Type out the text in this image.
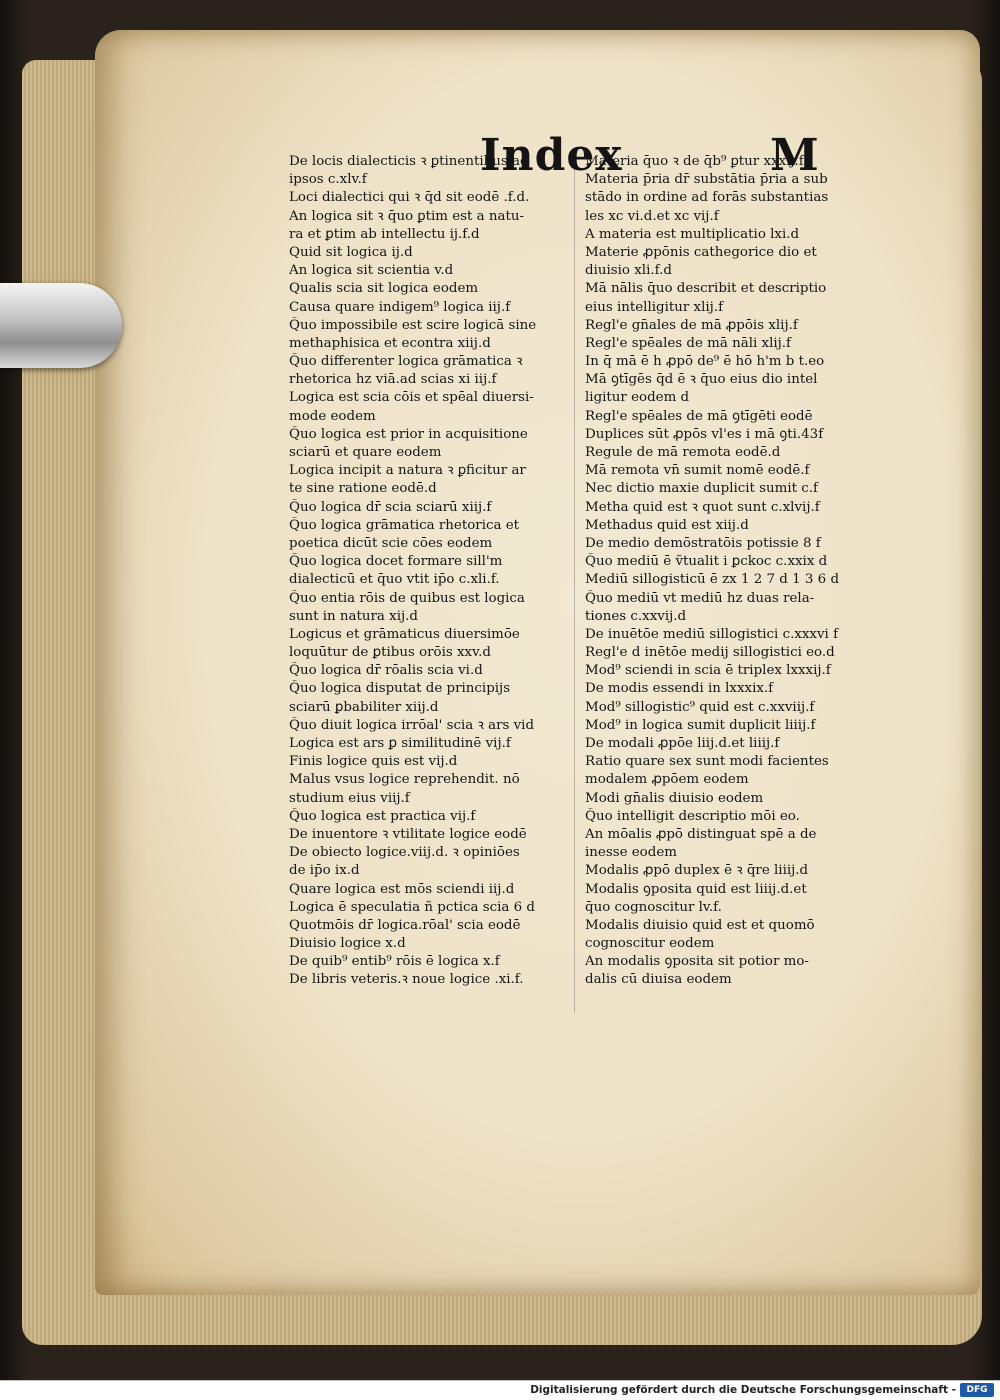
Index	M
De locis dialecticis ꝛ ꝑtinentibus ad
ipsos c.xlv.f
Loci dialectici qui ꝛ q̄d sit̄ eodē .f.d.
An logica sit ꝛ q̄uo ꝑtim est a natu-
ra et ꝑtim ab intellectu ij.f.d
Quid sit logica ij.d
An logica sit scientia v.d
Qualis scia sit logica eodem
Causa quare indigem⁹ logica iij.f
Q̄uo impossibile est scire logicā sine
methaphisica et econtra xiij.d
Q̄uo differenter logica grāmatica ꝛ
rhetorica h̄z viā.ad scias xi iij.f
Logica est scia cōis et spēal̄ diuersi-
mode eodem
Q̄uo logica est prior in acquisitione
sciarū et quare eodem
Logica incipit a natura ꝛ ꝑficitur ar
te sine ratione eodē.d
Q̄uo logica dr̄ scia sciarū xiij.f
Q̄uo logica grāmatica rhetorica et
poetica dicūt̄ scie cōes eodem
Q̄uo logica docet formare sill'm
dialecticū et q̄uo vtit̄ ip̄o c.xli.f.
Q̄uo entia rōis de quibus est logica
sunt in natura xij.d
Logicus et grāmaticus diuersimōe
loquūtur de ꝑtibus orōis xxv.d
Q̄uo logica dr̄ rōalis scia vi.d
Q̄uo logica disputat de principijs
sciarū ꝑbabiliter xiij.d
Q̄uo diuit̄ logica irrōal' scia ꝛ ars vid
Logica est ars ꝑ similitudinē vij.f
Finis logice quis est vij.d
Malus vsus logice reprehendit̄. nō
studium eius viij.f
Q̄uo logica est practica vij.f
De inuentore ꝛ vtilitate logice eodē
De obiecto logice.viij.d. ꝛ opiniōes
de ip̄o ix.d
Quare logica est mōs sciendi iij.d
Logica ē speculatia ñ pctica scia 6 d
Quotmōis dr̄ logica.rōal' scia eodē
Diuisio logice x.d
De quib⁹ entib⁹ rōis ē logica x.f
De libris veteris.ꝛ noue logice .xi.f.
Materia q̄uo ꝛ de q̄b⁹ ꝑtur xxxij.f
Materia p̄ria dr̄ substātia p̄ria a sub
stādo in ordine ad forās substantias
les xc vi.d.et xc vij.f
A materia est multiplicatio lxi.d
Materie ꝓpōnis cathegorice dio et
diuisio xli.f.d
Mā nālis q̄uo describit̄ et descriptio
eius intelligitur xlij.f
Regl'e gn̄ales de mā ꝓpōis xlij.f
Regl'e spēales de mā nāli xlij.f
In q̄ mā ē h ꝓpō de⁹ ē hō h'm b t.eo
Mā ꝯtīgēs q̄d ē ꝛ q̄uo eius dio intel
ligitur eodem d
Regl'e spēales de mā ꝯtīgēti eodē
Duplices sūt ꝓpōs vl'es i mā ꝯti.43f
Regule de mā remota eodē.d
Mā remota vn̄ sumit nomē eodē.f
Nec dictio maxie duplicit̄ sumit c.f
Metha quid est ꝛ quot sunt c.xlvij.f
Methadus quid est xiij.d
De medio demōstratōis potissie 8 f
Q̄uo mediū ē ṽtualit̄ i ꝑckoc c.xxix d
Mediū sillogisticū ē zx 1 2 7 d 1 3 6 d
Q̄uo mediū vt mediū h̄z duas rela-
tiones c.xxvij.d
De inuētōe mediū sillogistici c.xxxvi f
Regl'e d inētōe medij sillogistici eo.d
Mod⁹ sciendi in scia ē triplex lxxxij.f
De modis essendi in lxxxix.f
Mod⁹ sillogistic⁹ quid est c.xxviij.f
Mod⁹ in logica sumit̄ duplicit̄ liiij.f
De modali ꝓpōe liij.d.et liiij.f
Ratio quare sex sunt modi facientes
modalem ꝓpōem eodem
Modi gn̄alis diuisio eodem
Q̄uo intelligit̄ descriptio mōi eo.
An mōalis ꝓpō distinguat̄ spē a de
inesse eodem
Modalis ꝓpō duplex ē ꝛ q̄re liiij.d
Modalis ꝯposita quid est liiij.d.et
q̄uo cognoscitur lv.f.
Modalis diuisio quid est et quomō
cognoscitur eodem
An modalis ꝯposita sit potior mo-
dalis cū diuisa eodem
Digitalisierung gefördert durch die Deutsche Forschungsgemeinschaft -	DFG
